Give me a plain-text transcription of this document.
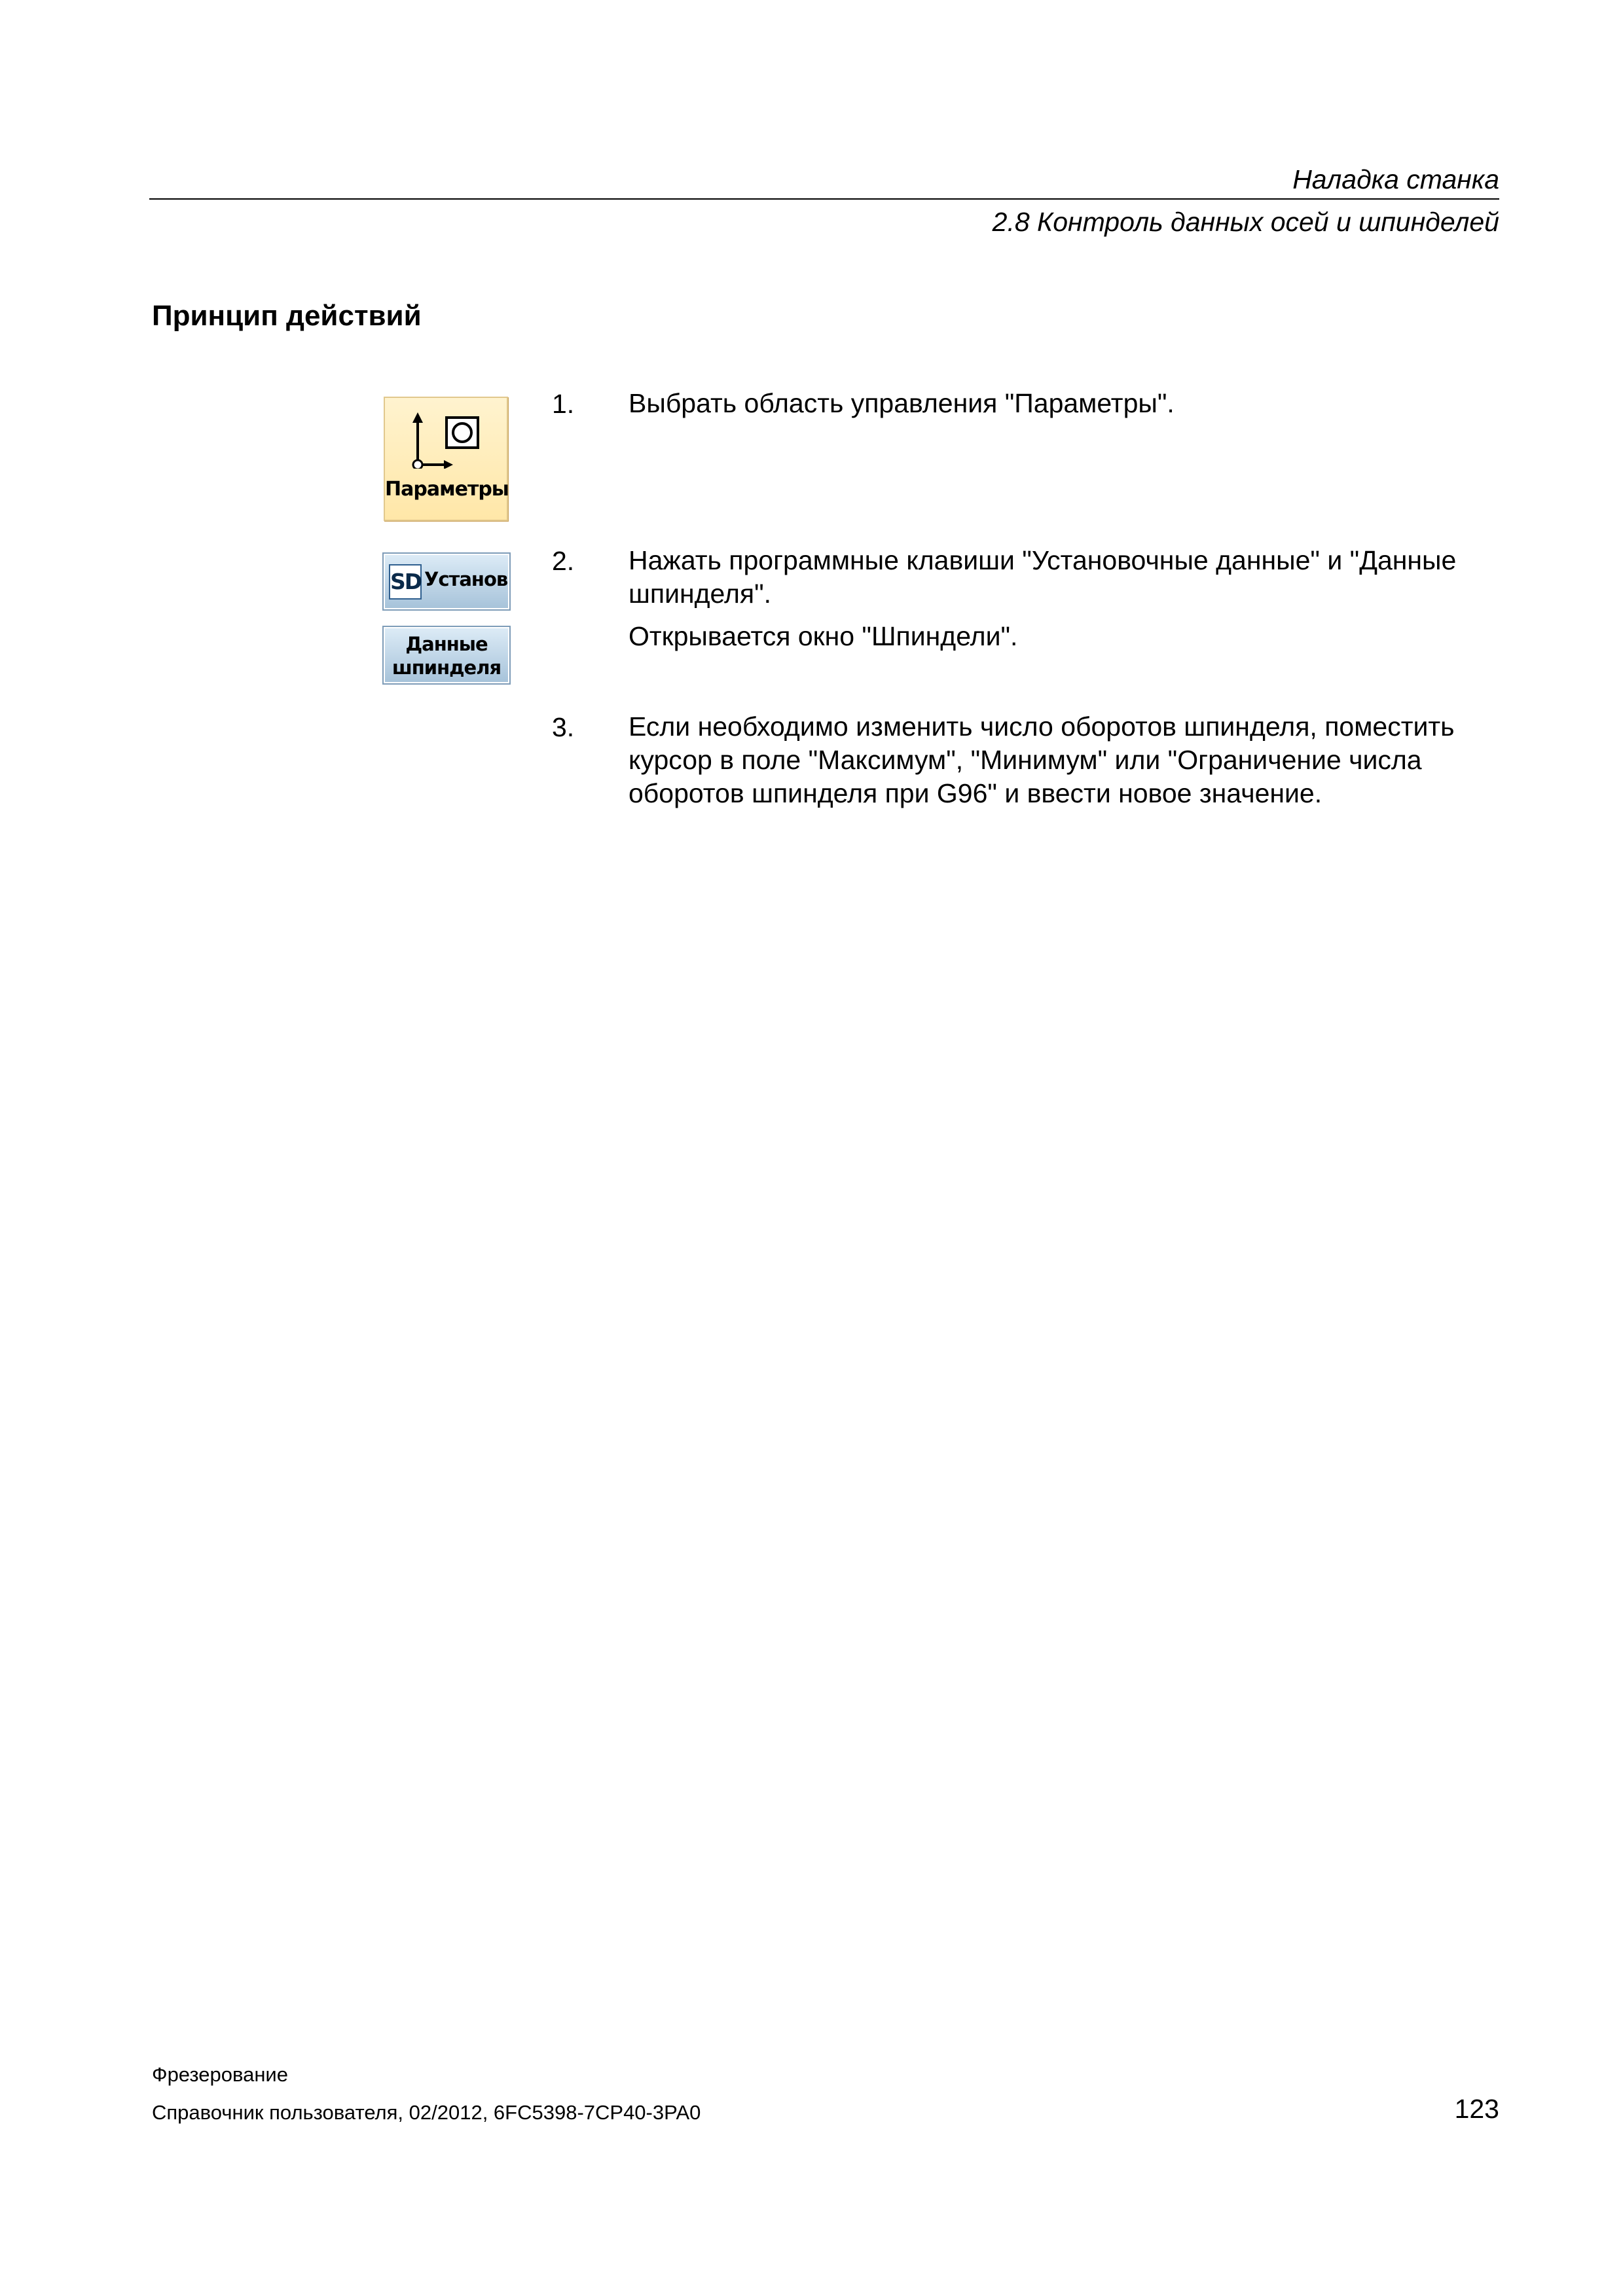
Наладка станка
2.8 Контроль данных осей и шпинделей
Принцип действий
Параметры
SD Установ
Данные
шпинделя
1. Выбрать область управления "Параметры".
2. Нажать программные клавиши "Установочные данные" и "Данные шпинделя".
Открывается окно "Шпиндели".
3. Если необходимо изменить число оборотов шпинделя, поместить курсор в поле "Максимум", "Минимум" или "Ограничение числа оборотов шпинделя при G96" и ввести новое значение.
Фрезерование
Справочник пользователя, 02/2012, 6FC5398-7CP40-3PA0	123
